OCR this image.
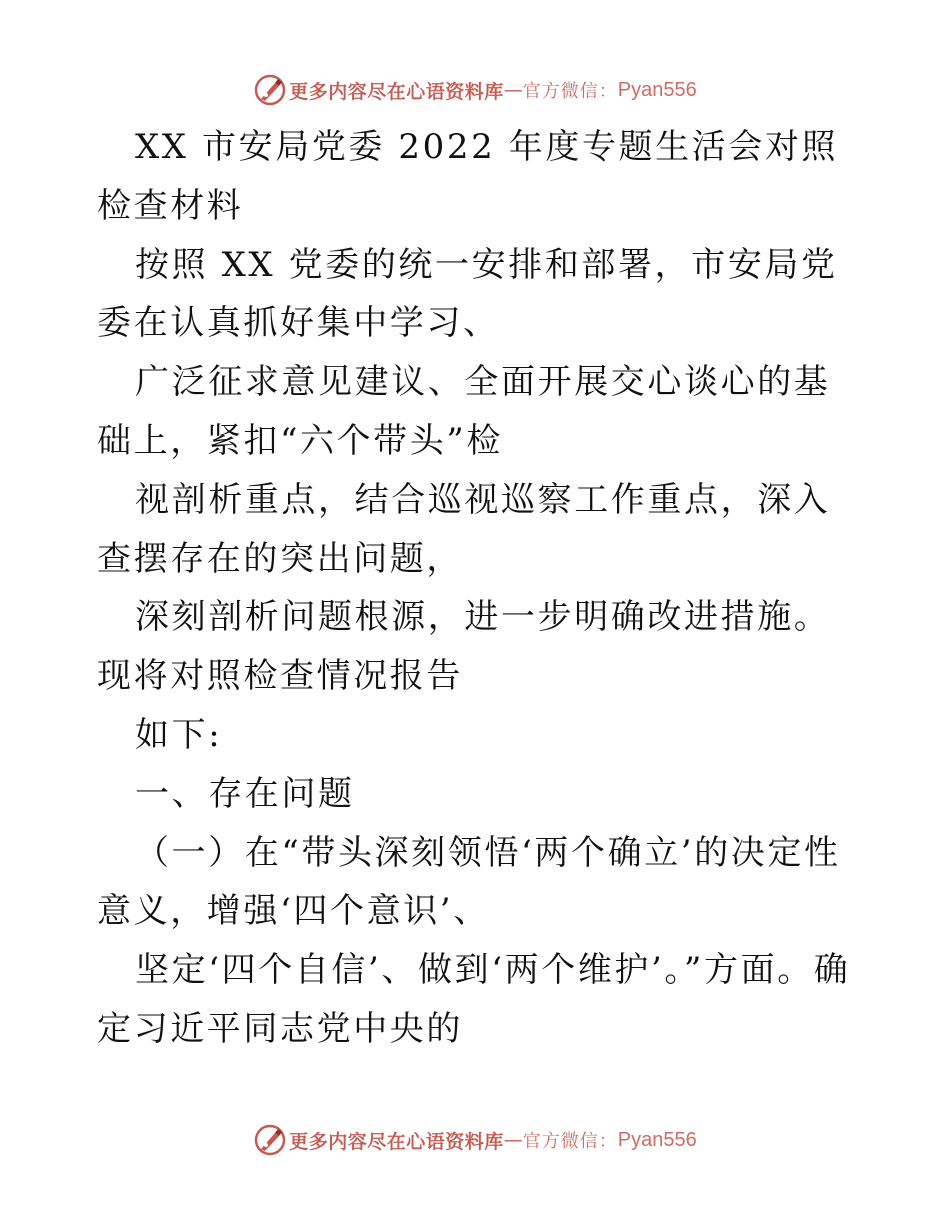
更多内容尽在心语资料库 — 官方微信： Pyan556

XX 市安局党委 2022 年度专题生活会对照检查材料

按照 XX 党委的统一安排和部署，市安局党委在认真抓好集中学习、

广泛征求意见建议、全面开展交心谈心的基础上，紧扣“六个带头”检

视剖析重点，结合巡视巡察工作重点，深入查摆存在的突出问题，

深刻剖析问题根源，进一步明确改进措施。现将对照检查情况报告

如下:

一、存在问题

（一）在“带头深刻领悟‘两个确立’的决定性意义，增强‘四个意识’、

坚定‘四个自信’、做到‘两个维护’。”方面。确定习近平同志党中央的

更多内容尽在心语资料库 — 官方微信： Pyan556
